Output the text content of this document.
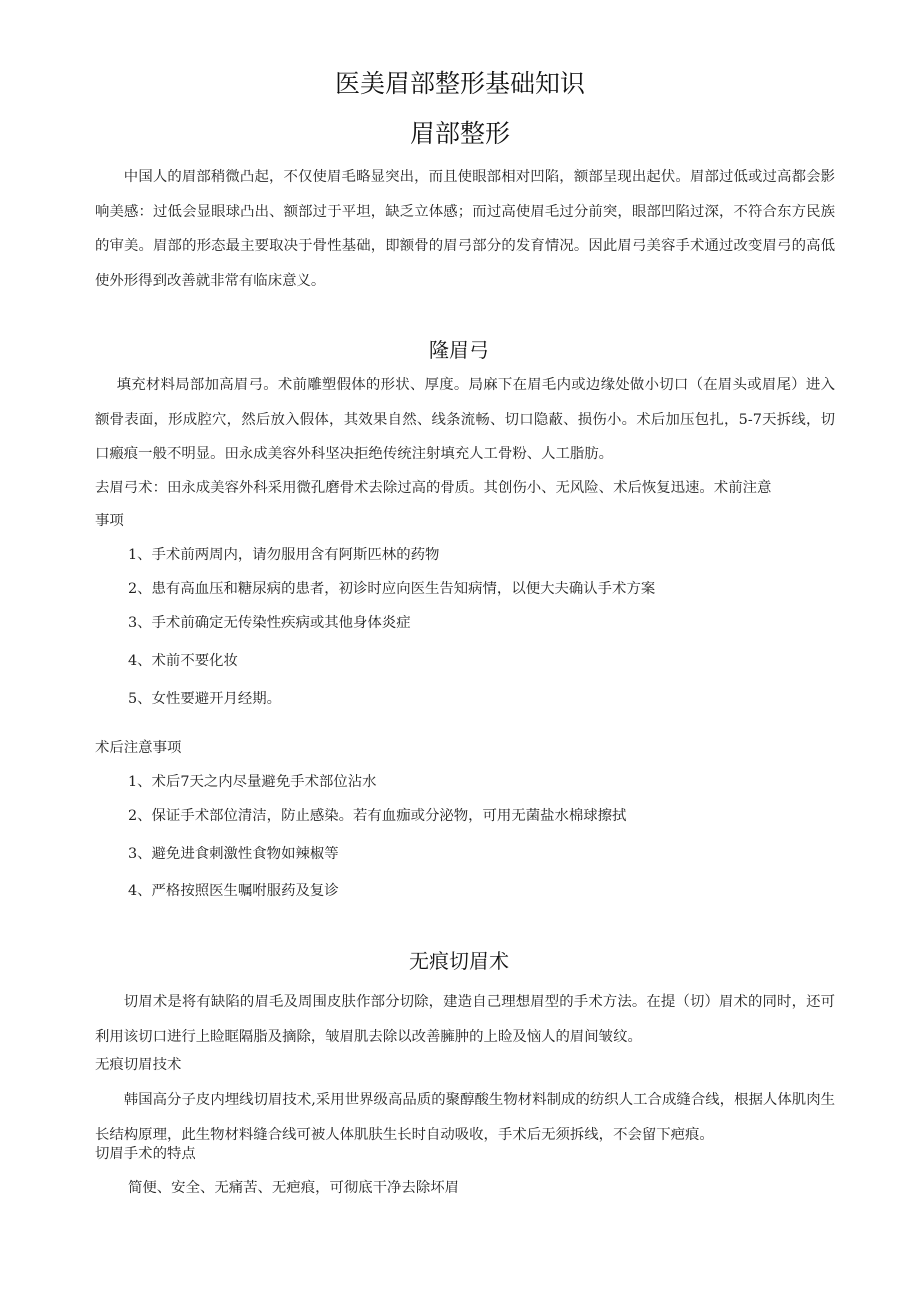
医美眉部整形基础知识
眉部整形
中国人的眉部稍微凸起，不仅使眉毛略显突出，而且使眼部相对凹陷，额部呈现出起伏。眉部过低或过高都会影响美感：过低会显眼球凸出、额部过于平坦，缺乏立体感；而过高使眉毛过分前突，眼部凹陷过深，不符合东方民族的审美。眉部的形态最主要取决于骨性基础，即额骨的眉弓部分的发育情况。因此眉弓美容手术通过改变眉弓的高低使外形得到改善就非常有临床意义。
隆眉弓
填充材料局部加高眉弓。术前雕塑假体的形状、厚度。局麻下在眉毛内或边缘处做小切口（在眉头或眉尾）进入额骨表面，形成腔穴，然后放入假体，其效果自然、线条流畅、切口隐蔽、损伤小。术后加压包扎，5-7天拆线，切口瘢痕一般不明显。田永成美容外科坚决拒绝传统注射填充人工骨粉、人工脂肪。
去眉弓术：田永成美容外科采用微孔磨骨术去除过高的骨质。其创伤小、无风险、术后恢复迅速。术前注意
事项
1、手术前两周内，请勿服用含有阿斯匹林的药物
2、患有高血压和糖尿病的患者，初诊时应向医生告知病情，以便大夫确认手术方案
3、手术前确定无传染性疾病或其他身体炎症
4、术前不要化妆
5、女性要避开月经期。
术后注意事项
1、术后7天之内尽量避免手术部位沾水
2、保证手术部位清洁，防止感染。若有血痂或分泌物，可用无菌盐水棉球擦拭
3、避免进食刺激性食物如辣椒等
4、严格按照医生嘱咐服药及复诊
无痕切眉术
切眉术是将有缺陷的眉毛及周围皮肤作部分切除，建造自己理想眉型的手术方法。在提（切）眉术的同时，还可利用该切口进行上睑眶隔脂及摘除，皱眉肌去除以改善臃肿的上睑及恼人的眉间皱纹。
无痕切眉技术
韩国高分子皮内埋线切眉技术,采用世界级高品质的聚醇酸生物材料制成的纺织人工合成缝合线，根据人体肌肉生长结构原理，此生物材料缝合线可被人体肌肤生长时自动吸收，手术后无须拆线，不会留下疤痕。
切眉手术的特点
简便、安全、无痛苦、无疤痕，可彻底干净去除坏眉
